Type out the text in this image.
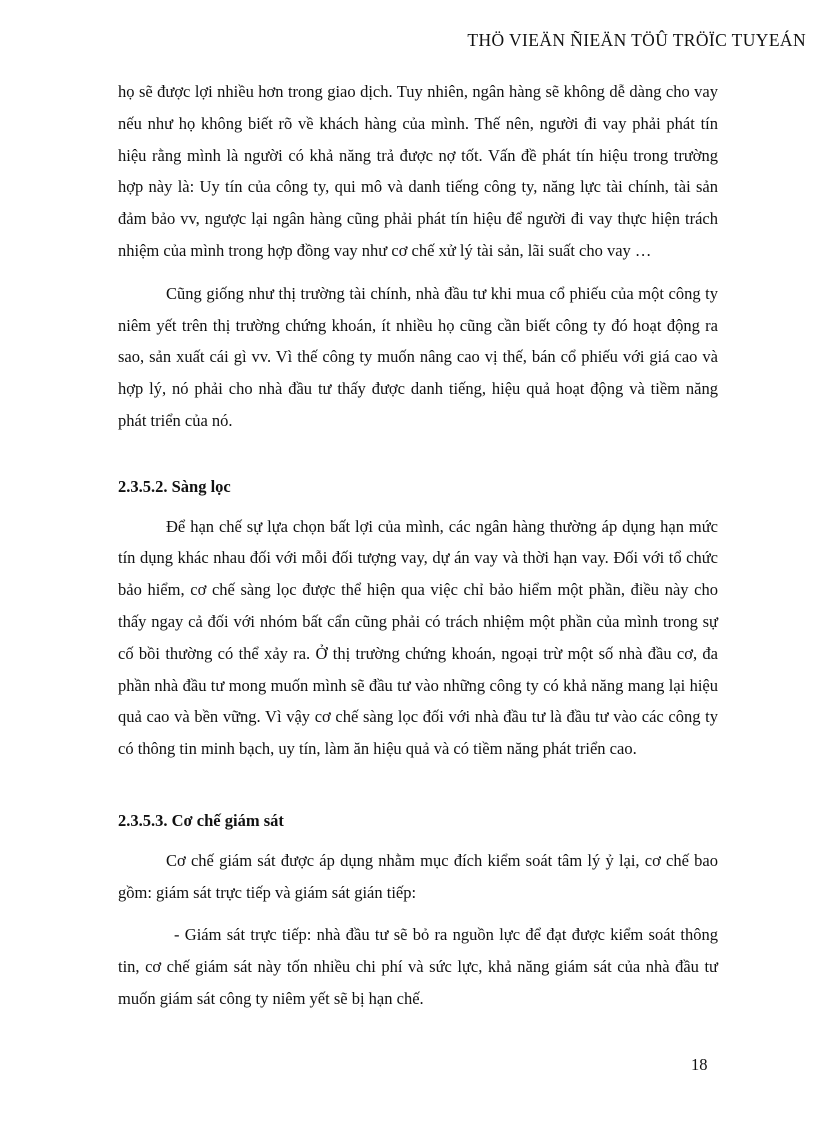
THÖ VIEÄN ÑIEÄN TÖÛ TRÖÏC TUYEÁN

họ sẽ được lợi nhiều hơn trong giao dịch. Tuy nhiên, ngân hàng sẽ không dễ dàng cho vay nếu như họ không biết rõ về khách hàng của mình. Thế nên, người đi vay phải phát tín hiệu rằng mình là người có khả năng trả được nợ tốt. Vấn đề phát tín hiệu trong trường hợp này là: Uy tín của công ty, qui mô và danh tiếng công ty, năng lực tài chính, tài sản đảm bảo vv, ngược lại ngân hàng cũng phải phát tín hiệu để người đi vay thực hiện trách nhiệm của mình trong hợp đồng vay như cơ chế xử lý tài sản, lãi suất cho vay …

Cũng giống như thị trường tài chính, nhà đầu tư khi mua cổ phiếu của một công ty niêm yết trên thị trường chứng khoán, ít nhiều họ cũng cần biết công ty đó hoạt động ra sao, sản xuất cái gì vv. Vì thế công ty muốn nâng cao vị thế, bán cổ phiếu với giá cao và hợp lý, nó phải cho nhà đầu tư thấy được danh tiếng, hiệu quả hoạt động và tiềm năng phát triển của nó.

2.3.5.2. Sàng lọc

Để hạn chế sự lựa chọn bất lợi của mình, các ngân hàng thường áp dụng hạn mức tín dụng khác nhau đối với mỗi đối tượng vay, dự án vay và thời hạn vay. Đối với tổ chức bảo hiểm, cơ chế sàng lọc được thể hiện qua việc chỉ bảo hiểm một phần, điều này cho thấy ngay cả đối với nhóm bất cẩn cũng phải có trách nhiệm một phần của mình trong sự cố bồi thường có thể xảy ra. Ở thị trường chứng khoán, ngoại trừ một số nhà đầu cơ, đa phần nhà đầu tư mong muốn mình sẽ đầu tư vào những công ty có khả năng mang lại hiệu quả cao và bền vững. Vì vậy cơ chế sàng lọc đối với nhà đầu tư là đầu tư vào các công ty có thông tin minh bạch, uy tín, làm ăn hiệu quả và có tiềm năng phát triển cao.

2.3.5.3. Cơ chế giám sát

Cơ chế giám sát được áp dụng nhằm mục đích kiểm soát tâm lý ỷ lại, cơ chế bao gồm: giám sát trực tiếp và giám sát gián tiếp:

- Giám sát trực tiếp: nhà đầu tư sẽ bỏ ra nguồn lực để đạt được kiểm soát thông tin, cơ chế giám sát này tốn nhiều chi phí và sức lực, khả năng giám sát của nhà đầu tư muốn giám sát công ty niêm yết sẽ bị hạn chế.

18
